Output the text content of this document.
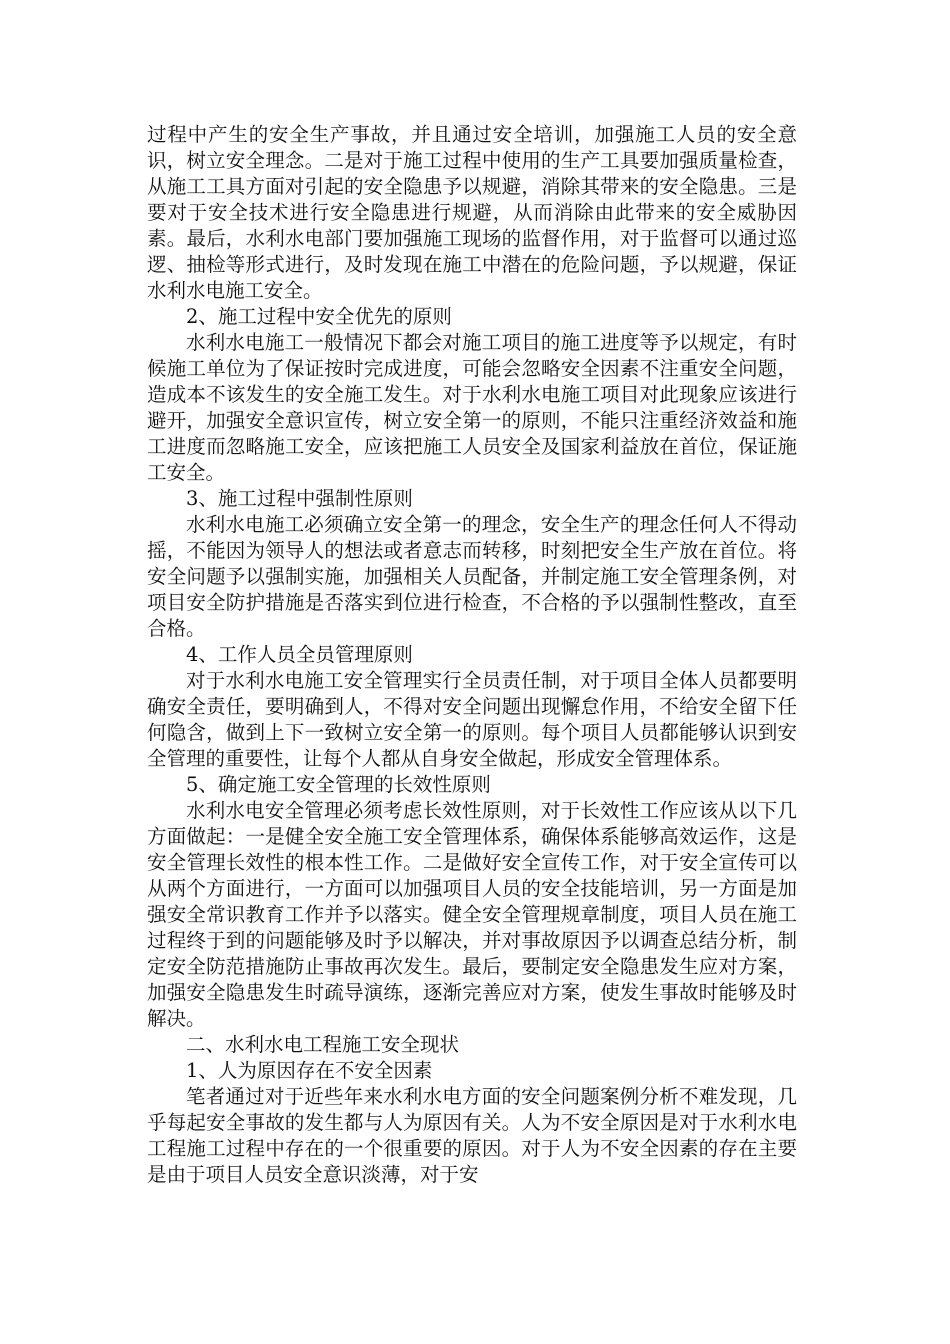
过程中产生的安全生产事故，并且通过安全培训，加强施工人员的安全意识，树立安全理念。二是对于施工过程中使用的生产工具要加强质量检查，从施工工具方面对引起的安全隐患予以规避，消除其带来的安全隐患。三是要对于安全技术进行安全隐患进行规避，从而消除由此带来的安全威胁因素。最后，水利水电部门要加强施工现场的监督作用，对于监督可以通过巡逻、抽检等形式进行，及时发现在施工中潜在的危险问题，予以规避，保证水利水电施工安全。

2、施工过程中安全优先的原则

水利水电施工一般情况下都会对施工项目的施工进度等予以规定，有时候施工单位为了保证按时完成进度，可能会忽略安全因素不注重安全问题，造成本不该发生的安全施工发生。对于水利水电施工项目对此现象应该进行避开，加强安全意识宣传，树立安全第一的原则，不能只注重经济效益和施工进度而忽略施工安全，应该把施工人员安全及国家利益放在首位，保证施工安全。

3、施工过程中强制性原则

水利水电施工必须确立安全第一的理念，安全生产的理念任何人不得动摇，不能因为领导人的想法或者意志而转移，时刻把安全生产放在首位。将安全问题予以强制实施，加强相关人员配备，并制定施工安全管理条例，对项目安全防护措施是否落实到位进行检查，不合格的予以强制性整改，直至合格。

4、工作人员全员管理原则

对于水利水电施工安全管理实行全员责任制，对于项目全体人员都要明确安全责任，要明确到人，不得对安全问题出现懈怠作用，不给安全留下任何隐含，做到上下一致树立安全第一的原则。每个项目人员都能够认识到安全管理的重要性，让每个人都从自身安全做起，形成安全管理体系。

5、确定施工安全管理的长效性原则

水利水电安全管理必须考虑长效性原则，对于长效性工作应该从以下几方面做起：一是健全安全施工安全管理体系，确保体系能够高效运作，这是安全管理长效性的根本性工作。二是做好安全宣传工作，对于安全宣传可以从两个方面进行，一方面可以加强项目人员的安全技能培训，另一方面是加强安全常识教育工作并予以落实。健全安全管理规章制度，项目人员在施工过程终于到的问题能够及时予以解决，并对事故原因予以调查总结分析，制定安全防范措施防止事故再次发生。最后，要制定安全隐患发生应对方案，加强安全隐患发生时疏导演练，逐渐完善应对方案，使发生事故时能够及时解决。

二、水利水电工程施工安全现状

1、人为原因存在不安全因素

笔者通过对于近些年来水利水电方面的安全问题案例分析不难发现，几乎每起安全事故的发生都与人为原因有关。人为不安全原因是对于水利水电工程施工过程中存在的一个很重要的原因。对于人为不安全因素的存在主要是由于项目人员安全意识淡薄，对于安
